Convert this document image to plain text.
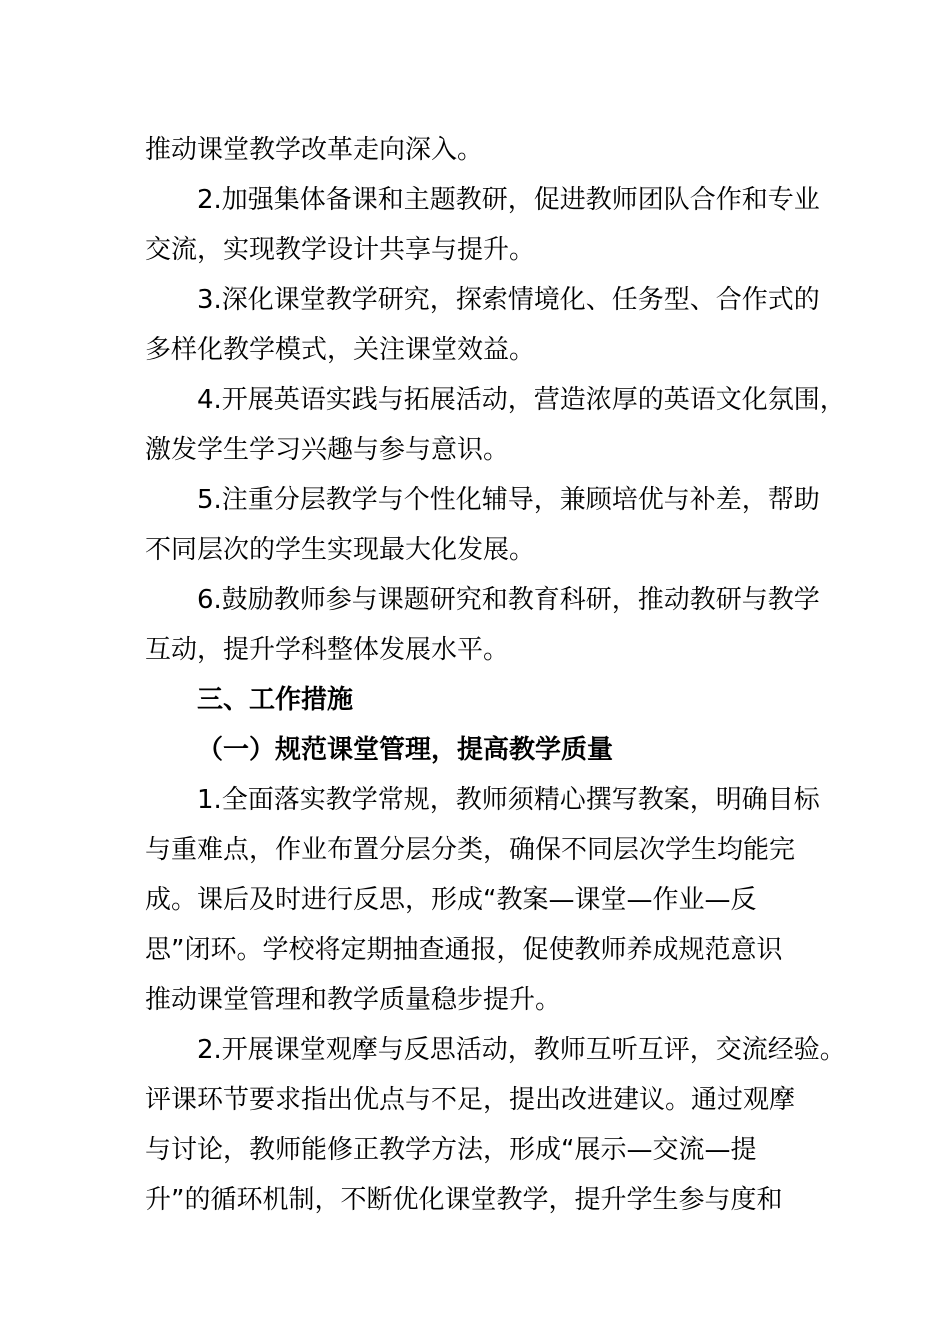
推动课堂教学改革走向深入。
2.加强集体备课和主题教研，促进教师团队合作和专业
交流，实现教学设计共享与提升。
3.深化课堂教学研究，探索情境化、任务型、合作式的
多样化教学模式，关注课堂效益。
4.开展英语实践与拓展活动，营造浓厚的英语文化氛围，
激发学生学习兴趣与参与意识。
5.注重分层教学与个性化辅导，兼顾培优与补差，帮助
不同层次的学生实现最大化发展。
6.鼓励教师参与课题研究和教育科研，推动教研与教学
互动，提升学科整体发展水平。
三、工作措施
（一）规范课堂管理，提高教学质量
1.全面落实教学常规，教师须精心撰写教案，明确目标
与重难点，作业布置分层分类，确保不同层次学生均能完
成。课后及时进行反思，形成“教案—课堂—作业—反
思”闭环。学校将定期抽查通报，促使教师养成规范意识
推动课堂管理和教学质量稳步提升。
2.开展课堂观摩与反思活动，教师互听互评，交流经验。
评课环节要求指出优点与不足，提出改进建议。通过观摩
与讨论，教师能修正教学方法，形成“展示—交流—提
升”的循环机制，不断优化课堂教学，提升学生参与度和
